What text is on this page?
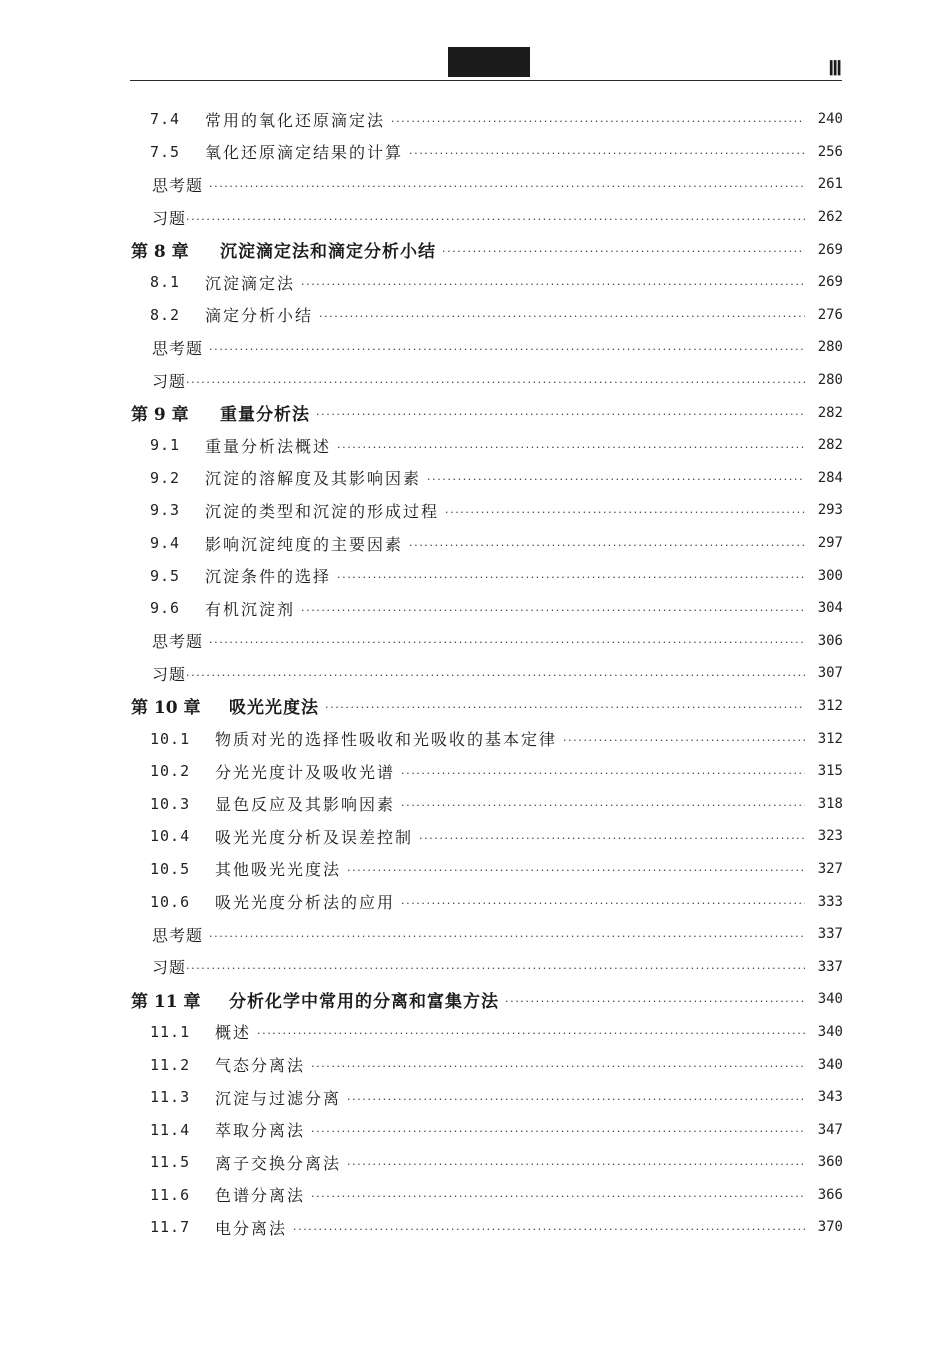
Ⅲ
7.4	常用的氧化还原滴定法 ·····	240
7.5	氧化还原滴定结果的计算 ·····	256
思考题 ·····	261
习题 ·····	262
第 8 章	沉淀滴定法和滴定分析小结 ·····	269
8.1	沉淀滴定法 ·····	269
8.2	滴定分析小结 ·····	276
思考题 ·····	280
习题 ·····	280
第 9 章	重量分析法 ·····	282
9.1	重量分析法概述 ·····	282
9.2	沉淀的溶解度及其影响因素 ·····	284
9.3	沉淀的类型和沉淀的形成过程 ·····	293
9.4	影响沉淀纯度的主要因素 ·····	297
9.5	沉淀条件的选择 ·····	300
9.6	有机沉淀剂 ·····	304
思考题 ·····	306
习题 ·····	307
第 10 章	吸光光度法 ·····	312
10.1	物质对光的选择性吸收和光吸收的基本定律 ·····	312
10.2	分光光度计及吸收光谱 ·····	315
10.3	显色反应及其影响因素 ·····	318
10.4	吸光光度分析及误差控制 ·····	323
10.5	其他吸光光度法 ·····	327
10.6	吸光光度分析法的应用 ·····	333
思考题 ·····	337
习题 ·····	337
第 11 章	分析化学中常用的分离和富集方法 ·····	340
11.1	概述 ·····	340
11.2	气态分离法 ·····	340
11.3	沉淀与过滤分离 ·····	343
11.4	萃取分离法 ·····	347
11.5	离子交换分离法 ·····	360
11.6	色谱分离法 ·····	366
11.7	电分离法 ·····	370
